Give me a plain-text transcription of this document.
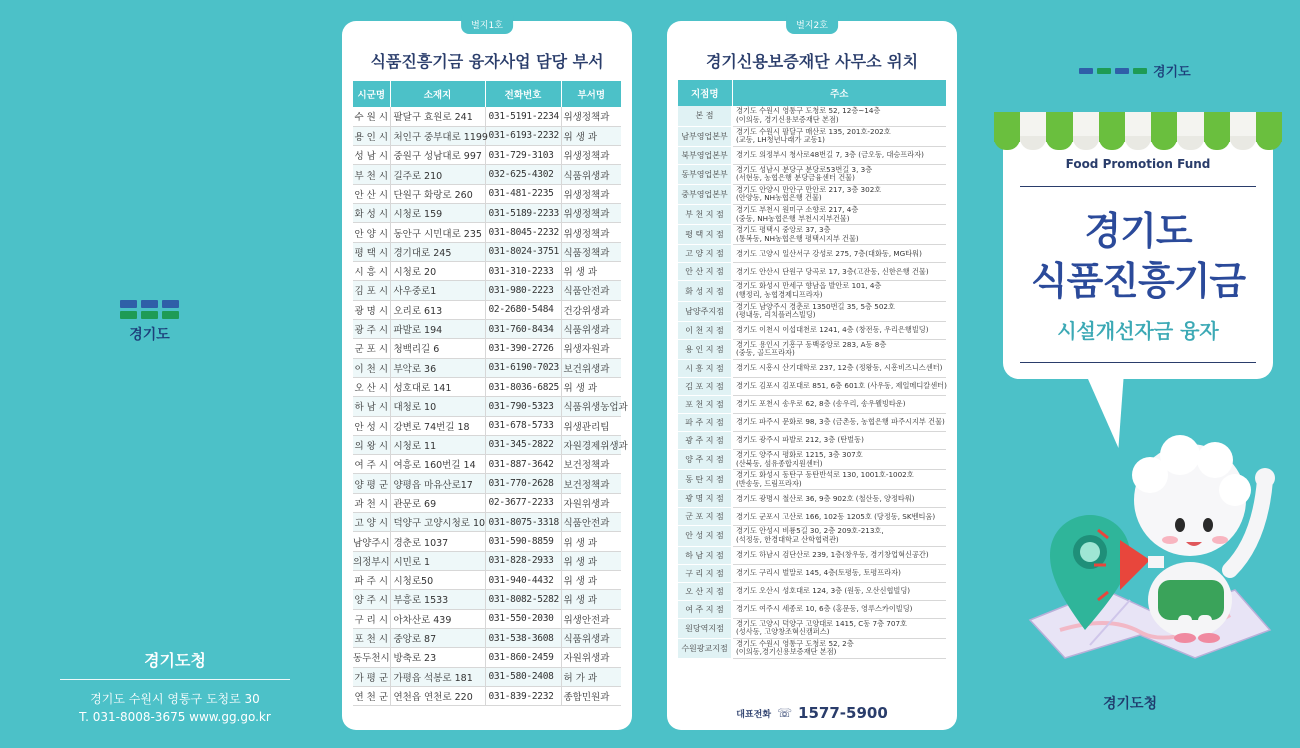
경기도
경기도청

경기도 수원시 영통구 도청로 30

T. 031-8008-3675 www.gg.go.kr

별지1호
식품진흥기금 융자사업 담당 부서
시군명	소재지	전화번호	부서명
수 원 시	팔달구 효원로 241	031-5191-2234	위생정책과
용 인 시	처인구 중부대로 1199	031-6193-2232	위 생 과
성 남 시	중원구 성남대로 997	031-729-3103	위생정책과
부 천 시	길주로 210	032-625-4302	식품위생과
안 산 시	단원구 화랑로 260	031-481-2235	위생정책과
화 성 시	시청로 159	031-5189-2233	위생정책과
안 양 시	동안구 시민대로 235	031-8045-2232	위생정책과
평 택 시	경기대로 245	031-8024-3751	식품정책과
시 흥 시	시청로 20	031-310-2233	위 생 과
김 포 시	사우중로1	031-980-2223	식품안전과
광 명 시	오리로 613	02-2680-5484	건강위생과
광 주 시	파발로 194	031-760-8434	식품위생과
군 포 시	청백리길 6	031-390-2726	위생자원과
이 천 시	부악로 36	031-6190-7023	보건위생과
오 산 시	성호대로 141	031-8036-6825	위 생 과
하 남 시	대청로 10	031-790-5323	식품위생농업과
안 성 시	강변로 74번길 18	031-678-5733	위생관리팀
의 왕 시	시청로 11	031-345-2822	자원경제위생과
여 주 시	여흥로 160번길 14	031-887-3642	보건정책과
양 평 군	양평읍 마유산로17	031-770-2628	보건정책과
과 천 시	관문로 69	02-3677-2233	자원위생과
고 양 시	덕양구 고양시청로 10	031-8075-3318	식품안전과
남양주시	경춘로 1037	031-590-8859	위 생 과
의정부시	시민로 1	031-828-2933	위 생 과
파 주 시	시청로50	031-940-4432	위 생 과
양 주 시	부흥로 1533	031-8082-5282	위 생 과
구 리 시	아차산로 439	031-550-2030	위생안전과
포 천 시	중앙로 87	031-538-3608	식품위생과
동두천시	방축로 23	031-860-2459	자원위생과
가 평 군	가평읍 석봉로 181	031-580-2408	허 가 과
연 천 군	연천읍 연천로 220	031-839-2232	종합민원과
별지2호
경기신용보증재단 사무소 위치
지점명	주소
본 점	경기도 수원시 영통구 도청로 52, 12층~14층
(이의동, 경기신용보증재단 본점)

남부영업본부	경기도 수원시 팔달구 매산로 135, 201호-202호
(교동, LH청년나래가 교동1)

북부영업본부	경기도 의정부시 청사로48번길 7, 3층 (금오동, 대승프라자)

동부영업본부	경기도 성남시 분당구 분당로53번길 3, 3층
(서현동, 농협은행 분당금융센터 건물)

중부영업본부	경기도 안양시 만안구 만안로 217, 3층 302호
(안양동, NH농협은행 건물)

부 천 지 점	경기도 부천시 원미구 소향로 217, 4층
(중동, NH농협은행 부천시지부건물)

평 택 지 점	경기도 평택시 중앙로 37, 3층
(통복동, NH농협은행 평택시지부 건물)

고 양 지 점	경기도 고양시 일산서구 강성로 275, 7층(대화동, MG타워)

안 산 지 점	경기도 안산시 단원구 당곡로 17, 3층(고잔동, 신한은행 건물)

화 성 지 점	경기도 화성시 만세구 향남읍 발안로 101, 4층
(행정리, 농협경제디프라자)

남양주지점	경기도 남양주시 경춘로 1350번길 35, 5층 502호
(평내동, 리치플러스빌딩)

이 천 지 점	경기도 이천시 이섭대천로 1241, 4층 (창전동, 우리은행빌딩)

용 인 지 점	경기도 용인시 기흥구 동백중앙로 283, A동 8층
(중동, 골드프라자)

시 흥 지 점	경기도 시흥시 산기대학로 237, 12층 (정왕동, 시흥비즈니스센터)

김 포 지 점	경기도 김포시 김포대로 851, 6층 601호 (사우동, 제일메디칼센터)

포 천 지 점	경기도 포천시 송우로 62, 8층 (송우리, 송우웰빙타운)

파 주 지 점	경기도 파주시 문화로 98, 3층 (금촌동, 농협은행 파주시지부 건물)

광 주 지 점	경기도 광주시 파발로 212, 3층 (탄벌동)

양 주 지 점	경기도 양주시 평화로 1215, 3층 307호
(산북동, 섬유종합지원센터)

동 탄 지 점	경기도 화성시 동탄구 동탄반석로 130, 1001호-1002호
(반송동, 드림프라자)

광 명 지 점	경기도 광명시 철산로 36, 9층 902호 (철산동, 양정타워)

군 포 지 점	경기도 군포시 고산로 166, 102동 1205호 (당정동, SK벤티움)

안 성 지 점	경기도 안성시 비룡5길 30, 2층 209호-213호,
(석정동, 한경대학교 산학협력관)

하 남 지 점	경기도 하남시 검단산로 239, 1층(창우동, 경기창업혁신공간)

구 리 지 점	경기도 구리시 벌말로 145, 4층(토평동, 토평프라자)

오 산 지 점	경기도 오산시 성호대로 124, 3층 (원동, 오산신협빌딩)

여 주 지 점	경기도 여주시 세종로 10, 6층 (홍문동, 영루스카이빌딩)

원당역지점	경기도 고양시 덕양구 고양대로 1415, C동 7층 707호
(성사동, 고양창조혁신캠퍼스)

수원광교지점	경기도 수원시 영통구 도청로 52, 2층
(이의동,경기신용보증재단 본점)
대표전화 ☏ 1577-5900
경기도
Food Promotion Fund
경기도
식품진흥기금
시설개선자금 융자
경기도청
